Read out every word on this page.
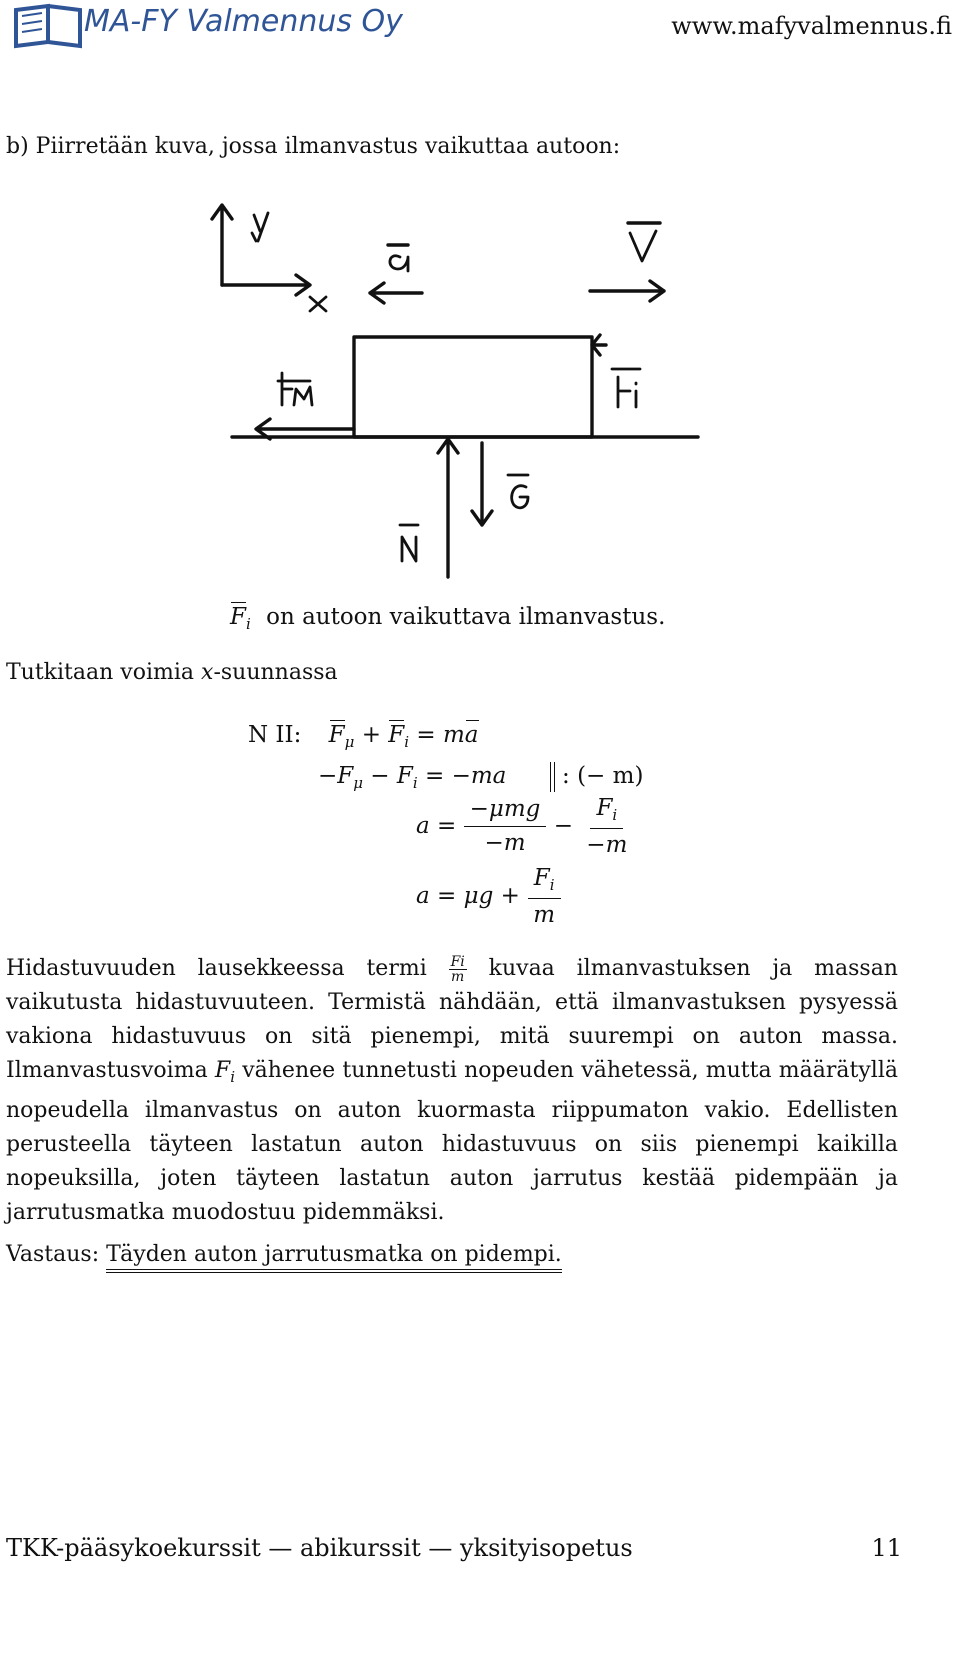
MA-FY Valmennus Oy	www.mafyvalmennus.fi
b) Piirretään kuva, jossa ilmanvastus vaikuttaa autoon:
$F_i$ on autoon vaikuttava ilmanvastus.
Tutkitaan voimia x-suunnassa
N II: $F_\mu + F_i$ = ma
$-F_\mu - F_i = -ma$ : (− m)
$a = \frac{\text{−μmg}}{-m} - \frac{F_i}{-m}$
$a = \mu g + \frac{F_i}{m}$

Hidastuvuuden lausekkeessa termi $\frac{Fi}{m}$ kuvaa ilmanvastuksen ja massan vaikutusta hidastuvuuteen. Termistä nähdään, että ilmanvastuksen pysyessä vakiona hidastuvuus on sitä pienempi, mitä suurempi on auton massa. Ilmanvastusvoima $F_i$ vähenee tunnetusti nopeuden vähetessä, mutta määrätyllä nopeudella ilmanvastus on auton kuormasta riippumaton vakio. Edellisten perusteella täyteen lastatun auton hidastuvuus on siis pienempi kaikilla nopeuksilla, joten täyteen lastatun auton jarrutus kestää pidempään ja jarrutusmatka muodostuu pidemmäksi.

Vastaus: Täyden auton jarrutusmatka on pidempi.
TKK-pääsykoekurssit — abikurssit — yksityisopetus	11
